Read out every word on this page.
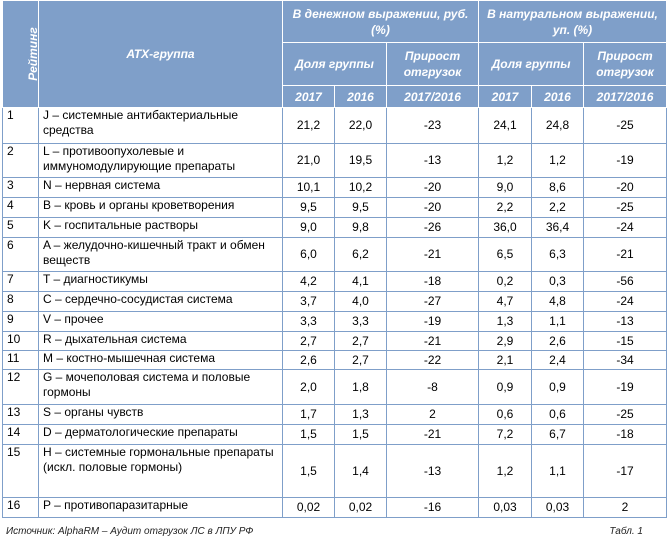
Рейтинг	АТХ-группа	В денежном выражении, руб. (%)			В натуральном выражении, уп. (%)		
		Доля группы		Прирост отгрузок	Доля группы		Прирост отгрузок
		2017	2016	2017/2016	2017	2016	2017/2016
1	J – системные антибактериальные средства	21,2	22,0	-23	24,1	24,8	-25
2	L – противоопухолевые и иммуномодулирующие препараты	21,0	19,5	-13	1,2	1,2	-19
3	N – нервная система	10,1	10,2	-20	9,0	8,6	-20
4	B – кровь и органы кроветворения	9,5	9,5	-20	2,2	2,2	-25
5	K – госпитальные растворы	9,0	9,8	-26	36,0	36,4	-24
6	A – желудочно-кишечный тракт и обмен веществ	6,0	6,2	-21	6,5	6,3	-21
7	T – диагностикумы	4,2	4,1	-18	0,2	0,3	-56
8	C – сердечно-сосудистая система	3,7	4,0	-27	4,7	4,8	-24
9	V – прочее	3,3	3,3	-19	1,3	1,1	-13
10	R – дыхательная система	2,7	2,7	-21	2,9	2,6	-15
11	M – костно-мышечная система	2,6	2,7	-22	2,1	2,4	-34
12	G – мочеполовая система и половые гормоны	2,0	1,8	-8	0,9	0,9	-19
13	S – органы чувств	1,7	1,3	2	0,6	0,6	-25
14	D – дерматологические препараты	1,5	1,5	-21	7,2	6,7	-18
15	H – системные гормональные препараты (искл. половые гормоны)	1,5	1,4	-13	1,2	1,1	-17
16	P – противопаразитарные	0,02	0,02	-16	0,03	0,03	2
Источник: AlphaRM – Аудит отгрузок ЛС в ЛПУ РФ	Табл. 1
